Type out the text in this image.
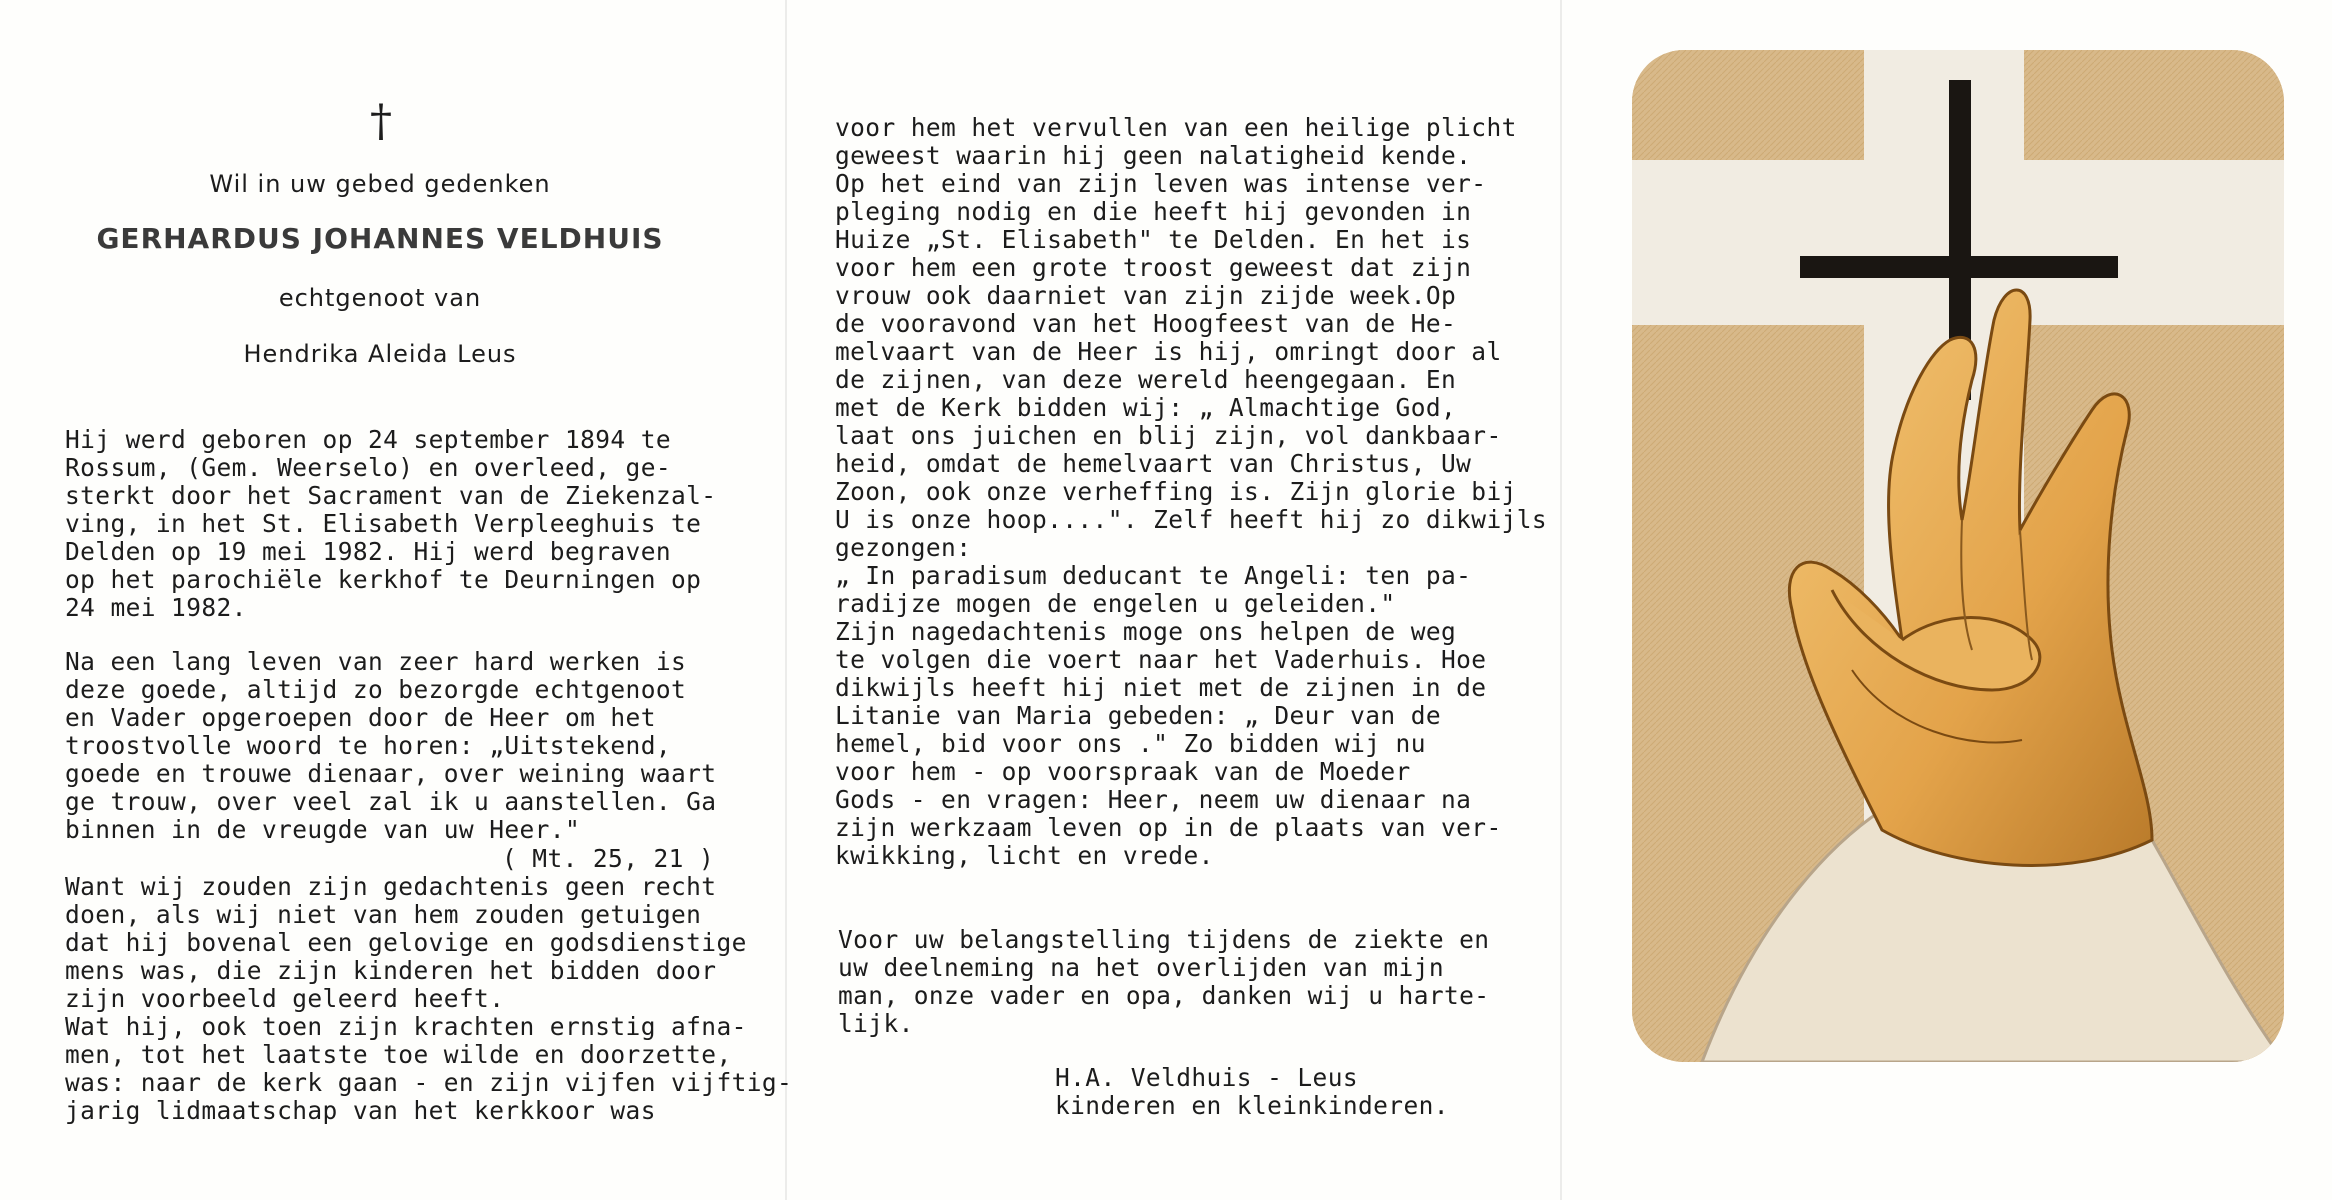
†
Wil in uw gebed gedenken
GERHARDUS JOHANNES VELDHUIS
echtgenoot van
Hendrika Aleida Leus
Hij werd geboren op 24 september 1894 te
Rossum, (Gem. Weerselo) en overleed, ge-
sterkt door het Sacrament van de Ziekenzal-
ving, in het St. Elisabeth Verpleeghuis te
Delden op 19 mei 1982. Hij werd begraven
op het parochiële kerkhof te Deurningen op
24 mei 1982.
Na een lang leven van zeer hard werken is
deze goede, altijd zo bezorgde echtgenoot
en Vader opgeroepen door de Heer om het
troostvolle woord te horen: „Uitstekend,
goede en trouwe dienaar, over weining waart
ge trouw, over veel zal ik u aanstellen. Ga
binnen in de vreugde van uw Heer."
( Mt. 25, 21 )
Want wij zouden zijn gedachtenis geen recht
doen, als wij niet van hem zouden getuigen
dat hij bovenal een gelovige en godsdienstige
mens was, die zijn kinderen het bidden door
zijn voorbeeld geleerd heeft.
Wat hij, ook toen zijn krachten ernstig afna-
men, tot het laatste toe wilde en doorzette,
was: naar de kerk gaan - en zijn vijfen vijftig-
jarig lidmaatschap van het kerkkoor was
voor hem het vervullen van een heilige plicht
geweest waarin hij geen nalatigheid kende.
Op het eind van zijn leven was intense ver-
pleging nodig en die heeft hij gevonden in
Huize „St. Elisabeth" te Delden. En het is
voor hem een grote troost geweest dat zijn
vrouw ook daarniet van zijn zijde week.Op
de vooravond van het Hoogfeest van de He-
melvaart van de Heer is hij, omringt door al
de zijnen, van deze wereld heengegaan. En
met de Kerk bidden wij: „ Almachtige God,
laat ons juichen en blij zijn, vol dankbaar-
heid, omdat de hemelvaart van Christus, Uw
Zoon, ook onze verheffing is. Zijn glorie bij
U is onze hoop....". Zelf heeft hij zo dikwijls
gezongen:
„ In paradisum deducant te Angeli: ten pa-
radijze mogen de engelen u geleiden."
Zijn nagedachtenis moge ons helpen de weg
te volgen die voert naar het Vaderhuis. Hoe
dikwijls heeft hij niet met de zijnen in de
Litanie van Maria gebeden: „ Deur van de
hemel, bid voor ons ." Zo bidden wij nu
voor hem - op voorspraak van de Moeder
Gods - en vragen: Heer, neem uw dienaar na
zijn werkzaam leven op in de plaats van ver-
kwikking, licht en vrede.
Voor uw belangstelling tijdens de ziekte en
uw deelneming na het overlijden van mijn
man, onze vader en opa, danken wij u harte-
lijk.
H.A. Veldhuis - Leus
kinderen en kleinkinderen.
